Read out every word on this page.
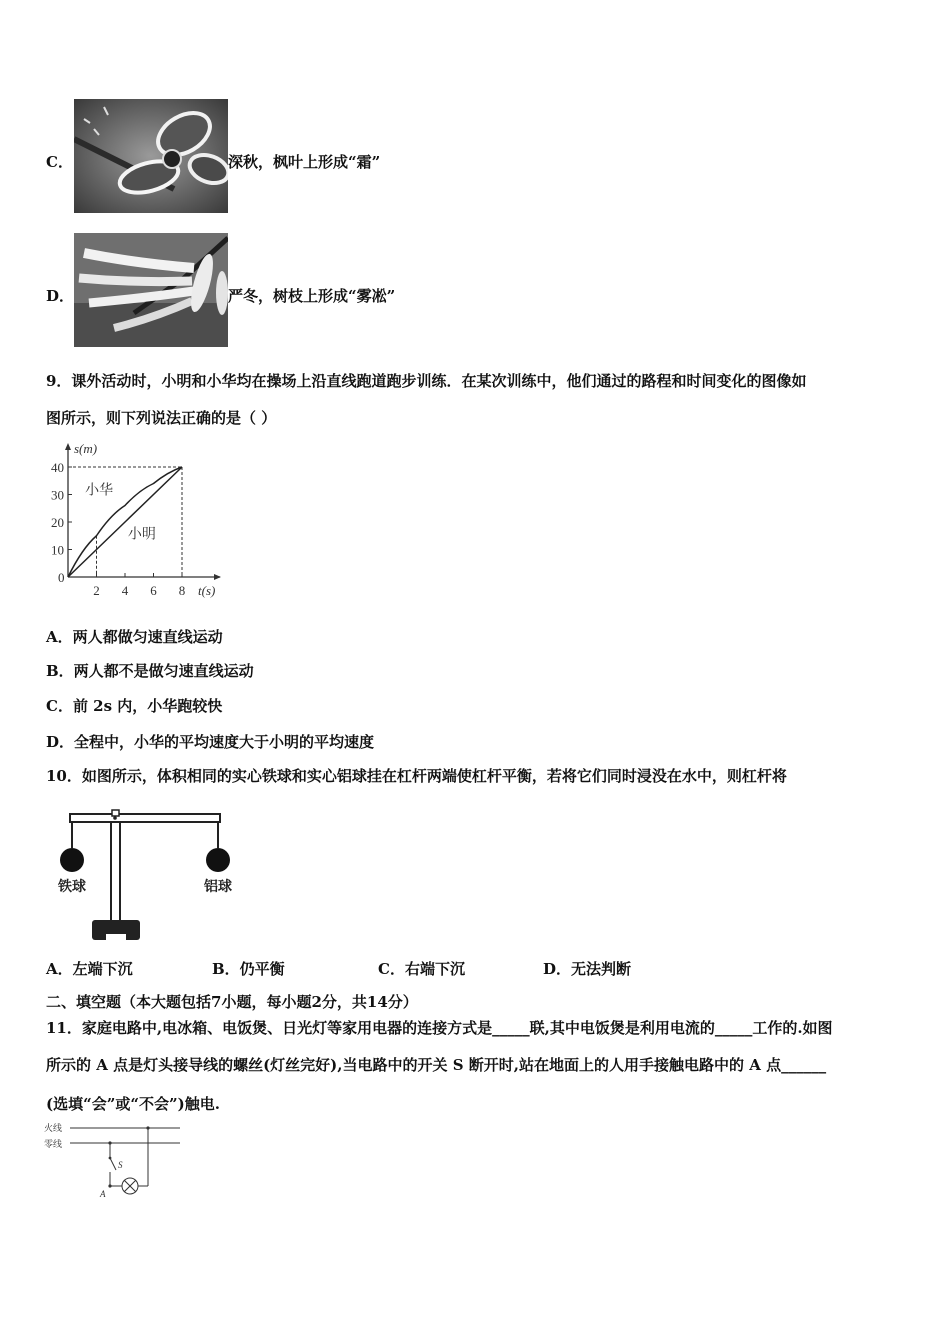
C．	深秋，枫叶上形成“霜”
D．	严冬，树枝上形成“雾凇”
9．课外活动时，小明和小华均在操场上沿直线跑道跑步训练．在某次训练中，他们通过的路程和时间变化的图像如
图所示，则下列说法正确的是（ ）
s(m)
t(s)
0
2 4 6 8
10
20
30
40
小华
小明
A．两人都做匀速直线运动
B．两人都不是做匀速直线运动
C．前 2s 内，小华跑较快
D．全程中，小华的平均速度大于小明的平均速度
10．如图所示，体积相同的实心铁球和实心铝球挂在杠杆两端使杠杆平衡，若将它们同时浸没在水中，则杠杆将
铁球	铝球
A．左端下沉	B．仍平衡	C．右端下沉	D．无法判断
二、填空题（本大题包括7小题，每小题2分，共14分）
11．家庭电路中,电冰箱、电饭煲、日光灯等家用电器的连接方式是_____联,其中电饭煲是利用电流的_____工作的.如图
所示的 A 点是灯头接导线的螺丝(灯丝完好),当电路中的开关 S 断开时,站在地面上的人用手接触电路中的 A 点______
(选填“会”或“不会”)触电.
火线
零线
S
A
